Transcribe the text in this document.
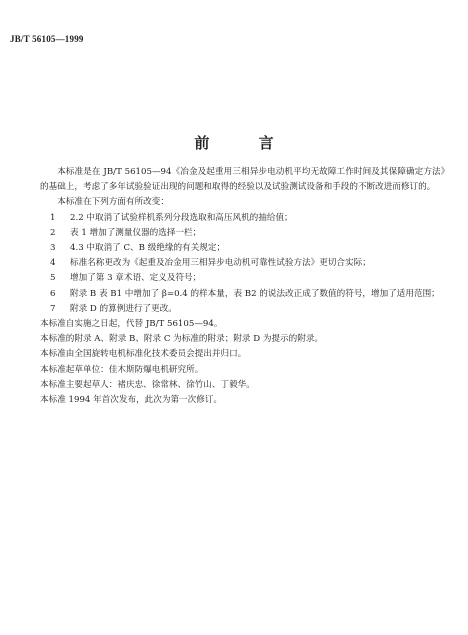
JB/T 56105—1999
前 言

本标准是在 JB/T 56105—94《冶金及起重用三相异步电动机平均无故障工作时间及其保障确定方法》的基础上，考虑了多年试验验证出现的问题和取得的经验以及试验测试设备和手段的不断改进而修订的。

本标准在下列方面有所改变：

1	2.2 中取消了试验样机系列分段选取和高压风机的抽给值；
2	表 1 增加了测量仪器的选择一栏；
3	4.3 中取消了 C、B 级绝缘的有关规定；
4	标准名称更改为《起重及冶金用三相异步电动机可靠性试验方法》更切合实际；
5	增加了第 3 章术语、定义及符号；
6	附录 B 表 B1 中增加了 β=0.4 的样本量，表 B2 的说法改正成了数值的符号，增加了适用范围；
7	附录 D 的算例进行了更改。

本标准自实施之日起，代替 JB/T 56105—94。

本标准的附录 A、附录 B、附录 C 为标准的附录；附录 D 为提示的附录。

本标准由全国旋转电机标准化技术委员会提出并归口。

本标准起草单位：佳木斯防爆电机研究所。

本标准主要起草人：褚庆忠、徐常林、徐竹山、丁毅华。

本标准 1994 年首次发布，此次为第一次修订。
